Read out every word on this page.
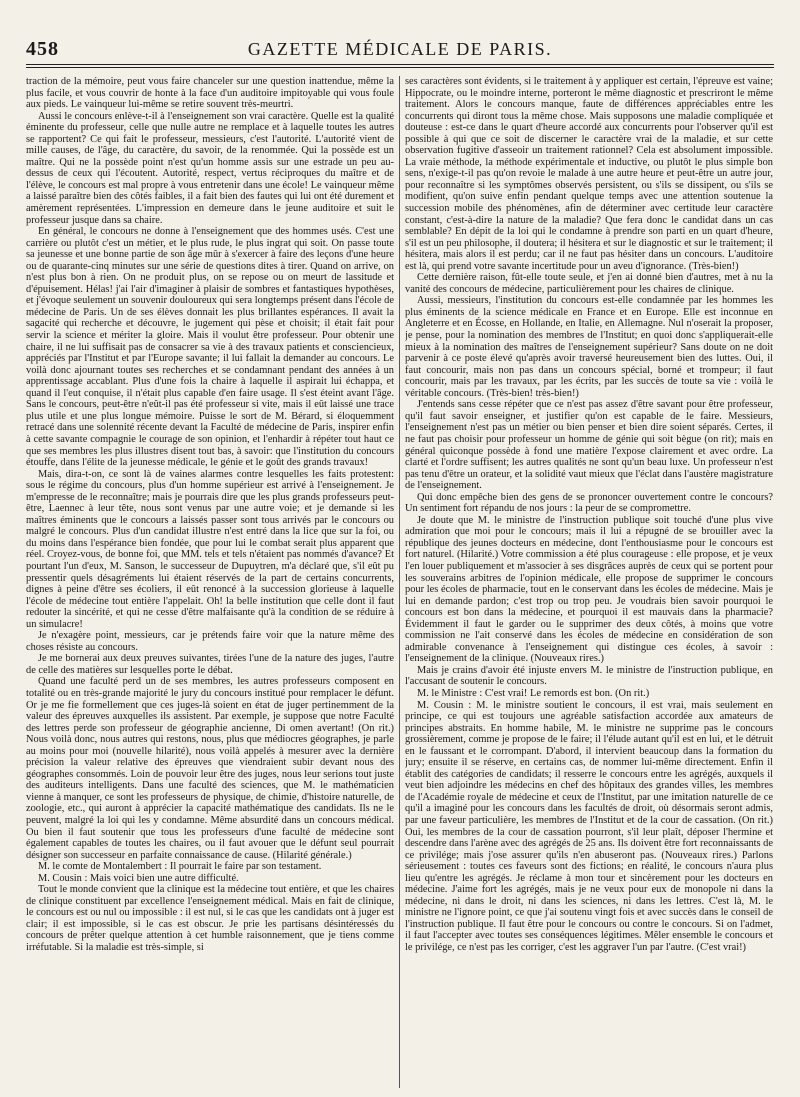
458	GAZETTE MÉDICALE DE PARIS.

traction de la mémoire, peut vous faire chanceler sur une question inattendue, même la plus facile, et vous couvrir de honte à la face d'un auditoire impitoyable qui vous foule aux pieds. Le vainqueur lui-même se retire souvent très-meurtri.

Aussi le concours enlève-t-il à l'enseignement son vrai caractère. Quelle est la qualité éminente du professeur, celle que nulle autre ne remplace et à laquelle toutes les autres se rapportent? Ce qui fait le professeur, messieurs, c'est l'autorité. L'autorité vient de mille causes, de l'âge, du caractère, du savoir, de la renommée. Qui la possède est un maître. Qui ne la possède point n'est qu'un homme assis sur une estrade un peu au-dessus de ceux qui l'écoutent. Autorité, respect, vertus réciproques du maître et de l'élève, le concours est mal propre à vous entretenir dans une école! Le vainqueur même a laissé paraître bien des côtés faibles, il a fait bien des fautes qui lui ont été durement et amèrement représentées. L'impression en demeure dans le jeune auditoire et suit le professeur jusque dans sa chaire.

En général, le concours ne donne à l'enseignement que des hommes usés. C'est une carrière ou plutôt c'est un métier, et le plus rude, le plus ingrat qui soit. On passe toute sa jeunesse et une bonne partie de son âge mûr à s'exercer à faire des leçons d'une heure ou de quarante-cinq minutes sur une série de questions dites à tirer. Quand on arrive, on n'est plus bon à rien. On ne produit plus, on se repose ou on meurt de lassitude et d'épuisement. Hélas! j'ai l'air d'imaginer à plaisir de sombres et fantastiques hypothèses, et j'évoque seulement un souvenir douloureux qui sera longtemps présent dans l'école de médecine de Paris. Un de ses élèves donnait les plus brillantes espérances. Il avait la sagacité qui recherche et découvre, le jugement qui pèse et choisit; il était fait pour servir la science et mériter la gloire. Mais il voulut être professeur. Pour obtenir une chaire, il ne lui suffisait pas de consacrer sa vie à des travaux patients et consciencieux, appréciés par l'Institut et par l'Europe savante; il lui fallait la demander au concours. Le voilà donc ajournant toutes ses recherches et se condamnant pendant des années à un apprentissage accablant. Plus d'une fois la chaire à laquelle il aspirait lui échappa, et quand il l'eut conquise, il n'était plus capable d'en faire usage. Il s'est éteint avant l'âge. Sans le concours, peut-être n'eût-il pas été professeur si vite, mais il eût laissé une trace plus utile et une plus longue mémoire. Puisse le sort de M. Bérard, si éloquemment retracé dans une solennité récente devant la Faculté de médecine de Paris, inspirer enfin à cette savante compagnie le courage de son opinion, et l'enhardir à répéter tout haut ce que ses membres les plus illustres disent tout bas, à savoir: que l'institution du concours étouffe, dans l'élite de la jeunesse médicale, le génie et le goût des grands travaux!

Mais, dira-t-on, ce sont là de vaines alarmes contre lesquelles les faits protestent: sous le régime du concours, plus d'un homme supérieur est arrivé à l'enseignement. Je m'empresse de le reconnaître; mais je pourrais dire que les plus grands professeurs peut-être, Laennec à leur tête, nous sont venus par une autre voie; et je demande si les maîtres éminents que le concours a laissés passer sont tous arrivés par le concours ou malgré le concours. Plus d'un candidat illustre n'est entré dans la lice que sur la foi, ou du moins dans l'espérance bien fondée, que pour lui le combat serait plus apparent que réel. Croyez-vous, de bonne foi, que MM. tels et tels n'étaient pas nommés d'avance? Et pourtant l'un d'eux, M. Sanson, le successeur de Dupuytren, m'a déclaré que, s'il eût pu pressentir quels désagréments lui étaient réservés de la part de certains concurrents, dignes à peine d'être ses écoliers, il eût renoncé à la succession glorieuse à laquelle l'école de médecine tout entière l'appelait. Oh! la belle institution que celle dont il faut redouter la sincérité, et qui ne cesse d'être malfaisante qu'à la condition de se réduire à un simulacre!

Je n'exagère point, messieurs, car je prétends faire voir que la nature même des choses résiste au concours.

Je me bornerai aux deux preuves suivantes, tirées l'une de la nature des juges, l'autre de celle des matières sur lesquelles porte le débat.

Quand une faculté perd un de ses membres, les autres professeurs composent en totalité ou en très-grande majorité le jury du concours institué pour remplacer le défunt. Or je me fie formellement que ces juges-là soient en état de juger pertinemment de la valeur des épreuves auxquelles ils assistent. Par exemple, je suppose que notre Faculté des lettres perde son professeur de géographie ancienne, Di omen avertant! (On rit.) Nous voilà donc, nous autres qui restons, nous, plus que médiocres géographes, je parle au moins pour moi (nouvelle hilarité), nous voilà appelés à mesurer avec la dernière précision la valeur relative des épreuves que viendraient subir devant nous des géographes consommés. Loin de pouvoir leur être des juges, nous leur serions tout juste des auditeurs intelligents. Dans une faculté des sciences, que M. le mathématicien vienne à manquer, ce sont les professeurs de physique, de chimie, d'histoire naturelle, de zoologie, etc., qui auront à apprécier la capacité mathématique des candidats. Ils ne le peuvent, malgré la loi qui les y condamne. Même absurdité dans un concours médical. Ou bien il faut soutenir que tous les professeurs d'une faculté de médecine sont également capables de toutes les chaires, ou il faut avouer que le défunt seul pourrait désigner son successeur en parfaite connaissance de cause. (Hilarité générale.)

M. le comte de Montalembert : Il pourrait le faire par son testament.

M. Cousin : Mais voici bien une autre difficulté.

Tout le monde convient que la clinique est la médecine tout entière, et que les chaires de clinique constituent par excellence l'enseignement médical. Mais en fait de clinique, le concours est ou nul ou impossible : il est nul, si le cas que les candidats ont à juger est clair; il est impossible, si le cas est obscur. Je prie les partisans désintéressés du concours de prêter quelque attention à cet humble raisonnement, que je tiens comme irréfutable. Si la maladie est très-simple, si

ses caractères sont évidents, si le traitement à y appliquer est certain, l'épreuve est vaine; Hippocrate, ou le moindre interne, porteront le même diagnostic et prescriront le même traitement. Alors le concours manque, faute de différences appréciables entre les concurrents qui diront tous la même chose. Mais supposons une maladie compliquée et douteuse : est-ce dans le quart d'heure accordé aux concurrents pour l'observer qu'il est possible à qui que ce soit de discerner le caractère vrai de la maladie, et sur cette observation fugitive d'asseoir un traitement rationnel? Cela est absolument impossible. La vraie méthode, la méthode expérimentale et inductive, ou plutôt le plus simple bon sens, n'exige-t-il pas qu'on revoie le malade à une autre heure et peut-être un autre jour, pour reconnaître si les symptômes observés persistent, ou s'ils se dissipent, ou s'ils se modifient, qu'on suive enfin pendant quelque temps avec une attention soutenue la succession mobile des phénomènes, afin de déterminer avec certitude leur caractère constant, c'est-à-dire la nature de la maladie? Que fera donc le candidat dans un cas semblable? En dépit de la loi qui le condamne à prendre son parti en un quart d'heure, s'il est un peu philosophe, il doutera; il hésitera et sur le diagnostic et sur le traitement; il hésitera, mais alors il est perdu; car il ne faut pas hésiter dans un concours. L'auditoire est là, qui prend votre savante incertitude pour un aveu d'ignorance. (Très-bien!)

Cette dernière raison, fût-elle toute seule, et j'en ai donné bien d'autres, met à nu la vanité des concours de médecine, particulièrement pour les chaires de clinique.

Aussi, messieurs, l'institution du concours est-elle condamnée par les hommes les plus éminents de la science médicale en France et en Europe. Elle est inconnue en Angleterre et en Écosse, en Hollande, en Italie, en Allemagne. Nul n'oserait la proposer, je pense, pour la nomination des membres de l'Institut; en quoi donc s'appliquerait-elle mieux à la nomination des maîtres de l'enseignement supérieur? Sans doute on ne doit parvenir à ce poste élevé qu'après avoir traversé heureusement bien des luttes. Oui, il faut concourir, mais non pas dans un concours spécial, borné et trompeur; il faut concourir, mais par les travaux, par les écrits, par les succès de toute sa vie : voilà le véritable concours. (Très-bien! très-bien!)

J'entends sans cesse répéter que ce n'est pas assez d'être savant pour être professeur, qu'il faut savoir enseigner, et justifier qu'on est capable de le faire. Messieurs, l'enseignement n'est pas un métier ou bien penser et bien dire soient séparés. Certes, il ne faut pas choisir pour professeur un homme de génie qui soit bègue (on rit); mais en général quiconque possède à fond une matière l'expose clairement et avec ordre. La clarté et l'ordre suffisent; les autres qualités ne sont qu'un beau luxe. Un professeur n'est pas tenu d'être un orateur, et la solidité vaut mieux que l'éclat dans l'austère magistrature de l'enseignement.

Qui donc empêche bien des gens de se prononcer ouvertement contre le concours? Un sentiment fort répandu de nos jours : la peur de se compromettre.

Je doute que M. le ministre de l'instruction publique soit touché d'une plus vive admiration que moi pour le concours; mais il lui a répugné de se brouiller avec la république des jeunes docteurs en médecine, dont l'enthousiasme pour le concours est fort naturel. (Hilarité.) Votre commission a été plus courageuse : elle propose, et je veux l'en louer publiquement et m'associer à ses disgrâces auprès de ceux qui se portent pour les souverains arbitres de l'opinion médicale, elle propose de supprimer le concours pour les écoles de pharmacie, tout en le conservant dans les écoles de médecine. Mais je lui en demande pardon; c'est trop ou trop peu. Je voudrais bien savoir pourquoi le concours est bon dans la médecine, et pourquoi il est mauvais dans la pharmacie? Évidemment il faut le garder ou le supprimer des deux côtés, à moins que votre commission ne l'ait conservé dans les écoles de médecine en considération de son admirable convenance à l'enseignement qui distingue ces écoles, à savoir : l'enseignement de la clinique. (Nouveaux rires.)

Mais je crains d'avoir été injuste envers M. le ministre de l'instruction publique, en l'accusant de soutenir le concours.

M. le Ministre : C'est vrai! Le remords est bon. (On rit.)

M. Cousin : M. le ministre soutient le concours, il est vrai, mais seulement en principe, ce qui est toujours une agréable satisfaction accordée aux amateurs de principes abstraits. En homme habile, M. le ministre ne supprime pas le concours grossièrement, comme je propose de le faire; il l'élude autant qu'il est en lui, et le détruit en le faussant et le corrompant. D'abord, il intervient beaucoup dans la formation du jury; ensuite il se réserve, en certains cas, de nommer lui-même directement. Enfin il établit des catégories de candidats; il resserre le concours entre les agrégés, auxquels il veut bien adjoindre les médecins en chef des hôpitaux des grandes villes, les membres de l'Académie royale de médecine et ceux de l'Institut, par une imitation naturelle de ce qu'il a imaginé pour les concours dans les facultés de droit, où désormais seront admis, par une faveur particulière, les membres de l'Institut et de la cour de cassation. (On rit.) Oui, les membres de la cour de cassation pourront, s'il leur plaît, déposer l'hermine et descendre dans l'arène avec des agrégés de 25 ans. Ils doivent être fort reconnaissants de ce privilége; mais j'ose assurer qu'ils n'en abuseront pas. (Nouveaux rires.) Parlons sérieusement : toutes ces faveurs sont des fictions; en réalité, le concours n'aura plus lieu qu'entre les agrégés. Je réclame à mon tour et sincèrement pour les docteurs en médecine. J'aime fort les agrégés, mais je ne veux pour eux de monopole ni dans la médecine, ni dans le droit, ni dans les sciences, ni dans les lettres. C'est là, M. le ministre ne l'ignore point, ce que j'ai soutenu vingt fois et avec succès dans le conseil de l'instruction publique. Il faut être pour le concours ou contre le concours. Si on l'admet, il faut l'accepter avec toutes ses conséquences légitimes. Mêler ensemble le concours et le privilége, ce n'est pas les corriger, c'est les aggraver l'un par l'autre. (C'est vrai!)
